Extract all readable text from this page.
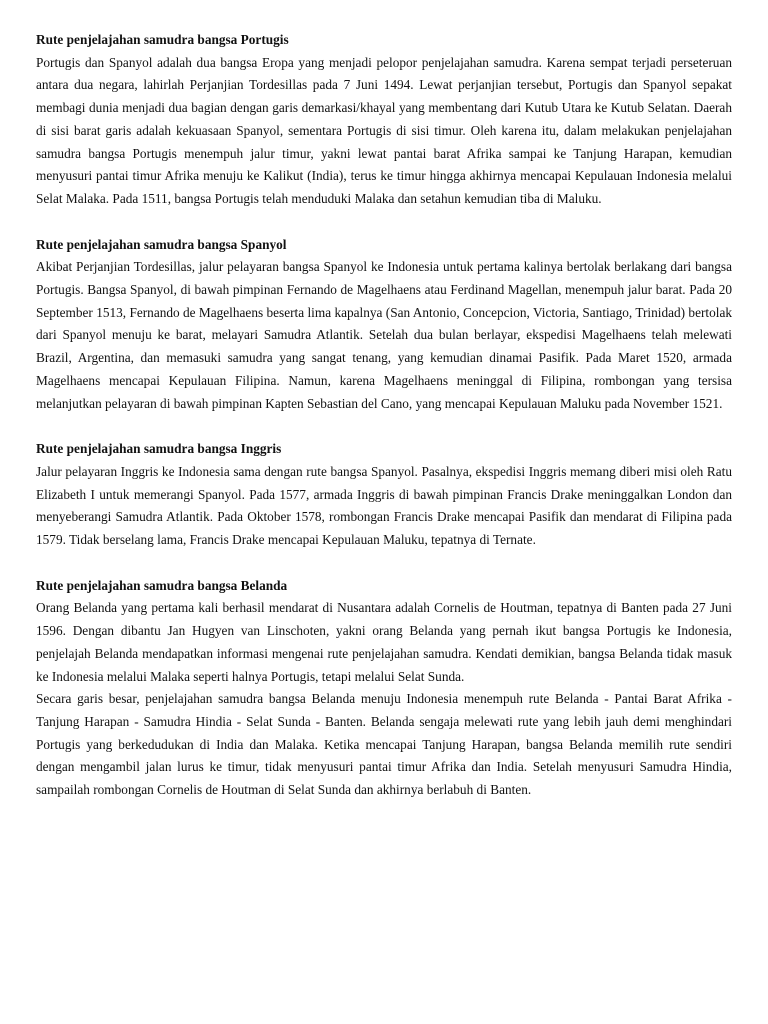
Rute penjelajahan samudra bangsa Portugis

Portugis dan Spanyol adalah dua bangsa Eropa yang menjadi pelopor penjelajahan samudra. Karena sempat terjadi perseteruan antara dua negara, lahirlah Perjanjian Tordesillas pada 7 Juni 1494. Lewat perjanjian tersebut, Portugis dan Spanyol sepakat membagi dunia menjadi dua bagian dengan garis demarkasi/khayal yang membentang dari Kutub Utara ke Kutub Selatan. Daerah di sisi barat garis adalah kekuasaan Spanyol, sementara Portugis di sisi timur. Oleh karena itu, dalam melakukan penjelajahan samudra bangsa Portugis menempuh jalur timur, yakni lewat pantai barat Afrika sampai ke Tanjung Harapan, kemudian menyusuri pantai timur Afrika menuju ke Kalikut (India), terus ke timur hingga akhirnya mencapai Kepulauan Indonesia melalui Selat Malaka. Pada 1511, bangsa Portugis telah menduduki Malaka dan setahun kemudian tiba di Maluku.

Rute penjelajahan samudra bangsa Spanyol

Akibat Perjanjian Tordesillas, jalur pelayaran bangsa Spanyol ke Indonesia untuk pertama kalinya bertolak berlakang dari bangsa Portugis. Bangsa Spanyol, di bawah pimpinan Fernando de Magelhaens atau Ferdinand Magellan, menempuh jalur barat. Pada 20 September 1513, Fernando de Magelhaens beserta lima kapalnya (San Antonio, Concepcion, Victoria, Santiago, Trinidad) bertolak dari Spanyol menuju ke barat, melayari Samudra Atlantik. Setelah dua bulan berlayar, ekspedisi Magelhaens telah melewati Brazil, Argentina, dan memasuki samudra yang sangat tenang, yang kemudian dinamai Pasifik. Pada Maret 1520, armada Magelhaens mencapai Kepulauan Filipina. Namun, karena Magelhaens meninggal di Filipina, rombongan yang tersisa melanjutkan pelayaran di bawah pimpinan Kapten Sebastian del Cano, yang mencapai Kepulauan Maluku pada November 1521.

Rute penjelajahan samudra bangsa Inggris

Jalur pelayaran Inggris ke Indonesia sama dengan rute bangsa Spanyol. Pasalnya, ekspedisi Inggris memang diberi misi oleh Ratu Elizabeth I untuk memerangi Spanyol. Pada 1577, armada Inggris di bawah pimpinan Francis Drake meninggalkan London dan menyeberangi Samudra Atlantik. Pada Oktober 1578, rombongan Francis Drake mencapai Pasifik dan mendarat di Filipina pada 1579. Tidak berselang lama, Francis Drake mencapai Kepulauan Maluku, tepatnya di Ternate.

Rute penjelajahan samudra bangsa Belanda

Orang Belanda yang pertama kali berhasil mendarat di Nusantara adalah Cornelis de Houtman, tepatnya di Banten pada 27 Juni 1596. Dengan dibantu Jan Hugyen van Linschoten, yakni orang Belanda yang pernah ikut bangsa Portugis ke Indonesia, penjelajah Belanda mendapatkan informasi mengenai rute penjelajahan samudra. Kendati demikian, bangsa Belanda tidak masuk ke Indonesia melalui Malaka seperti halnya Portugis, tetapi melalui Selat Sunda.

Secara garis besar, penjelajahan samudra bangsa Belanda menuju Indonesia menempuh rute Belanda - Pantai Barat Afrika - Tanjung Harapan - Samudra Hindia - Selat Sunda - Banten. Belanda sengaja melewati rute yang lebih jauh demi menghindari Portugis yang berkedudukan di India dan Malaka. Ketika mencapai Tanjung Harapan, bangsa Belanda memilih rute sendiri dengan mengambil jalan lurus ke timur, tidak menyusuri pantai timur Afrika dan India. Setelah menyusuri Samudra Hindia, sampailah rombongan Cornelis de Houtman di Selat Sunda dan akhirnya berlabuh di Banten.
